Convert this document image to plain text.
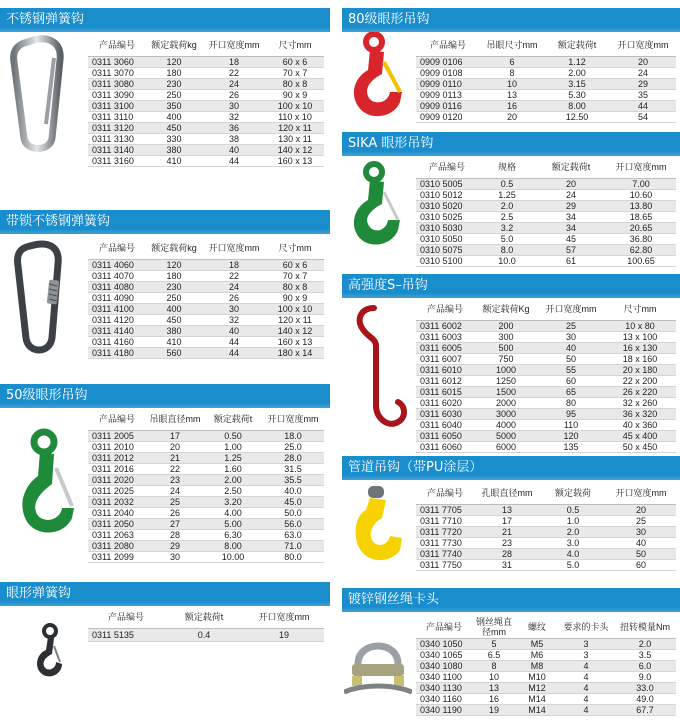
不锈钢弹簧钩
产品编号	额定载荷kg	开口宽度mm	尺寸mm
0311 3060	120	18	60 x 6
0311 3070	180	22	70 x 7
0311 3080	230	24	80 x 8
0311 3090	250	26	90 x 9
0311 3100	350	30	100 x 10
0311 3110	400	32	110 x 10
0311 3120	450	36	120 x 11
0311 3130	330	38	130 x 11
0311 3140	380	40	140 x 12
0311 3160	410	44	160 x 13
带锁不锈钢弹簧钩
产品编号	额定载荷kg	开口宽度mm	尺寸mm
0311 4060	120	18	60 x 6
0311 4070	180	22	70 x 7
0311 4080	230	24	80 x 8
0311 4090	250	26	90 x 9
0311 4100	400	30	100 x 10
0311 4120	450	32	120 x 11
0311 4140	380	40	140 x 12
0311 4160	410	44	160 x 13
0311 4180	560	44	180 x 14
50级眼形吊钩
产品编号	吊眼直径mm	额定载荷t	开口宽度mm
0311 2005	17	0.50	18.0
0311 2010	20	1.00	25.0
0311 2012	21	1.25	28.0
0311 2016	22	1.60	31.5
0311 2020	23	2.00	35.5
0311 2025	24	2.50	40.0
0311 2032	25	3.20	45.0
0311 2040	26	4.00	50.0
0311 2050	27	5.00	56.0
0311 2063	28	6.30	63.0
0311 2080	29	8.00	71.0
0311 2099	30	10.00	80.0
眼形弹簧钩
产品编号	额定载荷t	开口宽度mm
0311 5135	0.4	19
80级眼形吊钩
产品编号	吊眼尺寸mm	额定载荷t	开口宽度mm
0909 0106	6	1.12	20
0909 0108	8	2.00	24
0909 0110	10	3.15	29
0909 0113	13	5.30	35
0909 0116	16	8.00	44
0909 0120	20	12.50	54
SIKA 眼形吊钩
产品编号	规格	额定载荷t	开口宽度mm
0310 5005	0.5	20	7.00
0310 5012	1.25	24	10.60
0310 5020	2.0	29	13.80
0310 5025	2.5	34	18.65
0310 5030	3.2	34	20.65
0310 5050	5.0	45	36.80
0310 5075	8.0	57	62.80
0310 5100	10.0	61	100.65
高强度S–吊钩
产品编号	额定载荷Kg	开口宽度mm	尺寸mm
0311 6002	200	25	10 x 80
0311 6003	300	30	13 x 100
0311 6005	500	40	16 x 130
0311 6007	750	50	18 x 160
0311 6010	1000	55	20 x 180
0311 6012	1250	60	22 x 200
0311 6015	1500	65	26 x 220
0311 6020	2000	80	32 x 260
0311 6030	3000	95	36 x 320
0311 6040	4000	110	40 x 360
0311 6050	5000	120	45 x 400
0311 6060	6000	135	50 x 450
管道吊钩（带PU涂层）
产品编号	孔眼直径mm	额定载荷	开口宽度mm
0311 7705	13	0.5	20
0311 7710	17	1.0	25
0311 7720	21	2.0	30
0311 7730	23	3.0	40
0311 7740	28	4.0	50
0311 7750	31	5.0	60
镀锌钢丝绳卡头
产品编号	钢丝绳直径mm	螺纹	要求的卡头	扭转模量Nm
0340 1050	5	M5	3	2.0
0340 1065	6.5	M6	3	3.5
0340 1080	8	M8	4	6.0
0340 1100	10	M10	4	9.0
0340 1130	13	M12	4	33.0
0340 1160	16	M14	4	49.0
0340 1190	19	M14	4	67.7
